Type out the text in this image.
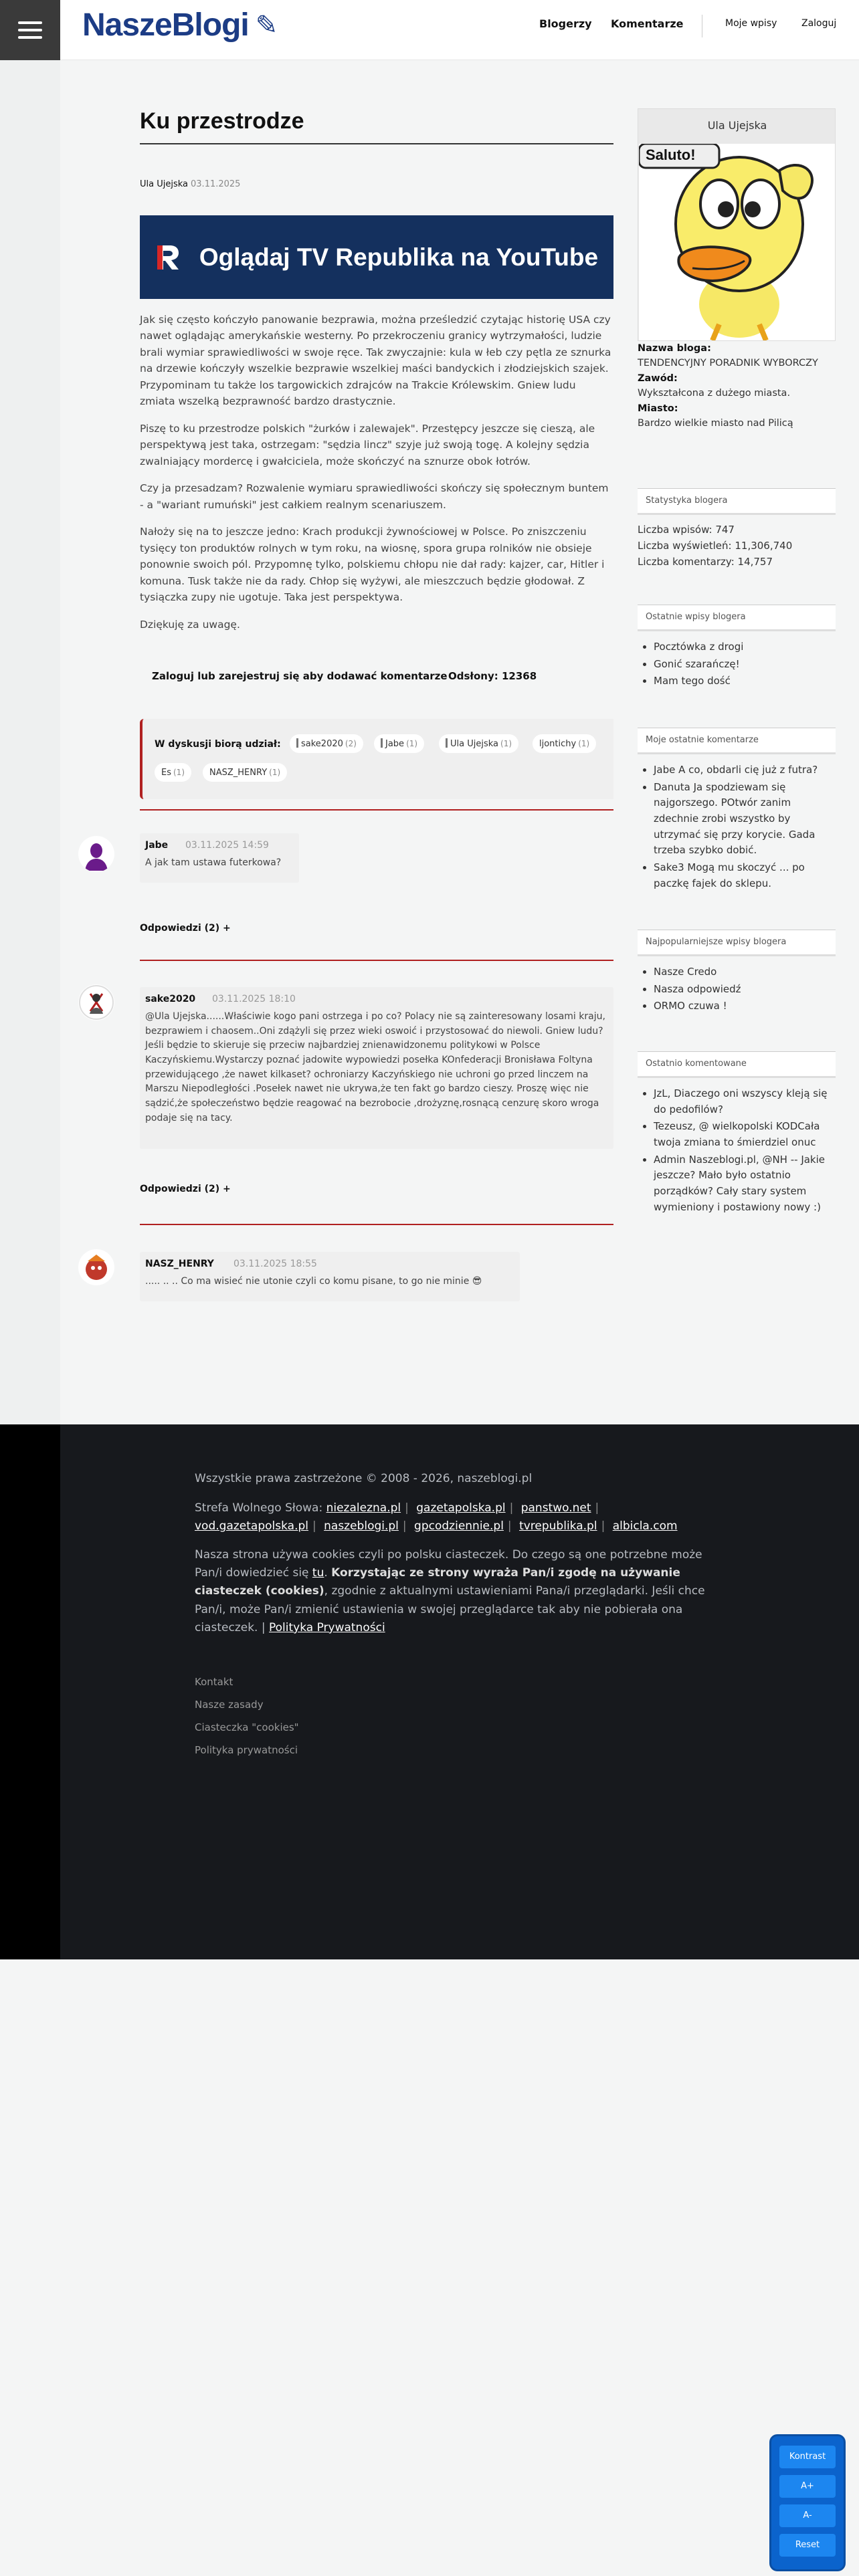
NaszeBlogi ✎	Blogerzy Komentarze	Moje wpisy	Zaloguj
Ku przestrodze
Ula Ujejska 03.11.2025
Oglądaj TV Republika na YouTube

Jak się często kończyło panowanie bezprawia, można prześledzić czytając historię USA czy nawet oglądając amerykańskie westerny. Po przekroczeniu granicy wytrzymałości, ludzie brali wymiar sprawiedliwości w swoje ręce. Tak zwyczajnie: kula w łeb czy pętla ze sznurka na drzewie kończyły wszelkie bezprawie wszelkiej maści bandyckich i złodziejskich szajek. Przypominam tu także los targowickich zdrajców na Trakcie Królewskim. Gniew ludu zmiata wszelką bezprawność bardzo drastycznie.

Piszę to ku przestrodze polskich "żurków i zalewajek". Przestępcy jeszcze się cieszą, ale perspektywą jest taka, ostrzegam: "sędzia lincz" szyje już swoją togę. A kolejny sędzia zwalniający mordercę i gwałciciela, może skończyć na sznurze obok łotrów.

Czy ja przesadzam? Rozwalenie wymiaru sprawiedliwości skończy się społecznym buntem - a "wariant rumuński" jest całkiem realnym scenariuszem.

Nałoży się na to jeszcze jedno: Krach produkcji żywnościowej w Polsce. Po zniszczeniu tysięcy ton produktów rolnych w tym roku, na wiosnę, spora grupa rolników nie obsieje ponownie swoich pól. Przypomnę tylko, polskiemu chłopu nie dał rady: kajzer, car, Hitler i komuna. Tusk także nie da rady. Chłop się wyżywi, ale mieszczuch będzie głodował. Z tysiączka zupy nie ugotuje. Taka jest perspektywa.

Dziękuję za uwagę.

Zaloguj lub zarejestruj się aby dodawać komentarze Odsłony: 12368
W dyskusji biorą udział:	sake2020 (2)	Jabe (1)	Ula Ujejska (1)	ljontichy (1)
Es (1)	NASZ_HENRY (1)
Jabe 03.11.2025 14:59
A jak tam ustawa futerkowa?
Odpowiedzi (2) +
sake2020 03.11.2025 18:10
@Ula Ujejska......Właściwie kogo pani ostrzega i po co? Polacy nie są zainteresowany losami kraju, bezprawiem i chaosem..Oni zdążyli się przez wieki oswoić i przystosować do niewoli. Gniew ludu? Jeśli będzie to skieruje się przeciw najbardziej znienawidzonemu politykowi w Polsce Kaczyńskiemu.Wystarczy poznać jadowite wypowiedzi posełka KOnfederacji Bronisława Foltyna przewidującego ,że nawet kilkaset? ochroniarzy Kaczyńskiego nie uchroni go przed linczem na Marszu Niepodległości .Posełek nawet nie ukrywa,że ten fakt go bardzo cieszy. Proszę więc nie sądzić,że społeczeństwo będzie reagować na bezrobocie ,drożyznę,rosnącą cenzurę skoro wroga podaje się na tacy.
Odpowiedzi (2) +
NASZ_HENRY 03.11.2025 18:55
..... .. .. Co ma wisieć nie utonie czyli co komu pisane, to go nie minie 😎
Ula Ujejska
Saluto!
Nazwa bloga:
TENDENCYJNY PORADNIK WYBORCZY
Zawód:
Wykształcona z dużego miasta.
Miasto:
Bardzo wielkie miasto nad Pilicą
Statystyka blogera
Liczba wpisów: 747
Liczba wyświetleń: 11,306,740
Liczba komentarzy: 14,757
Ostatnie wpisy blogera
• Pocztówka z drogi
• Gonić szarańczę!
• Mam tego dość
Moje ostatnie komentarze
• Jabe A co, obdarli cię już z futra?
• Danuta Ja spodziewam się najgorszego. POtwór zanim zdechnie zrobi wszystko by utrzymać się przy korycie. Gada trzeba szybko dobić.
• Sake3 Mogą mu skoczyć ... po paczkę fajek do sklepu.
Najpopularniejsze wpisy blogera
• Nasze Credo
• Nasza odpowiedź
• ORMO czuwa !
Ostatnio komentowane
• JzL, Diaczego oni wszyscy kleją się do pedofilów?
• Tezeusz, @ wielkopolski KODCała twoja zmiana to śmierdziel onuc
• Admin Naszeblogi.pl, @NH -- Jakie jeszcze? Mało było ostatnio porządków? Cały stary system wymieniony i postawiony nowy :)
Wszystkie prawa zastrzeżone © 2008 - 2026, naszeblogi.pl
Strefa Wolnego Słowa: niezalezna.pl | gazetapolska.pl | panstwo.net | vod.gazetapolska.pl | naszeblogi.pl | gpcodziennie.pl | tvrepublika.pl | albicla.com
Nasza strona używa cookies czyli po polsku ciasteczek. Do czego są one potrzebne może Pan/i dowiedzieć się tu. Korzystając ze strony wyraża Pan/i zgodę na używanie ciasteczek (cookies), zgodnie z aktualnymi ustawieniami Pana/i przeglądarki. Jeśli chce Pan/i, może Pan/i zmienić ustawienia w swojej przeglądarce tak aby nie pobierała ona ciasteczek. | Polityka Prywatności
Kontakt
Nasze zasady
Ciasteczka "cookies"
Polityka prywatności
Kontrast
A+
A-
Reset
